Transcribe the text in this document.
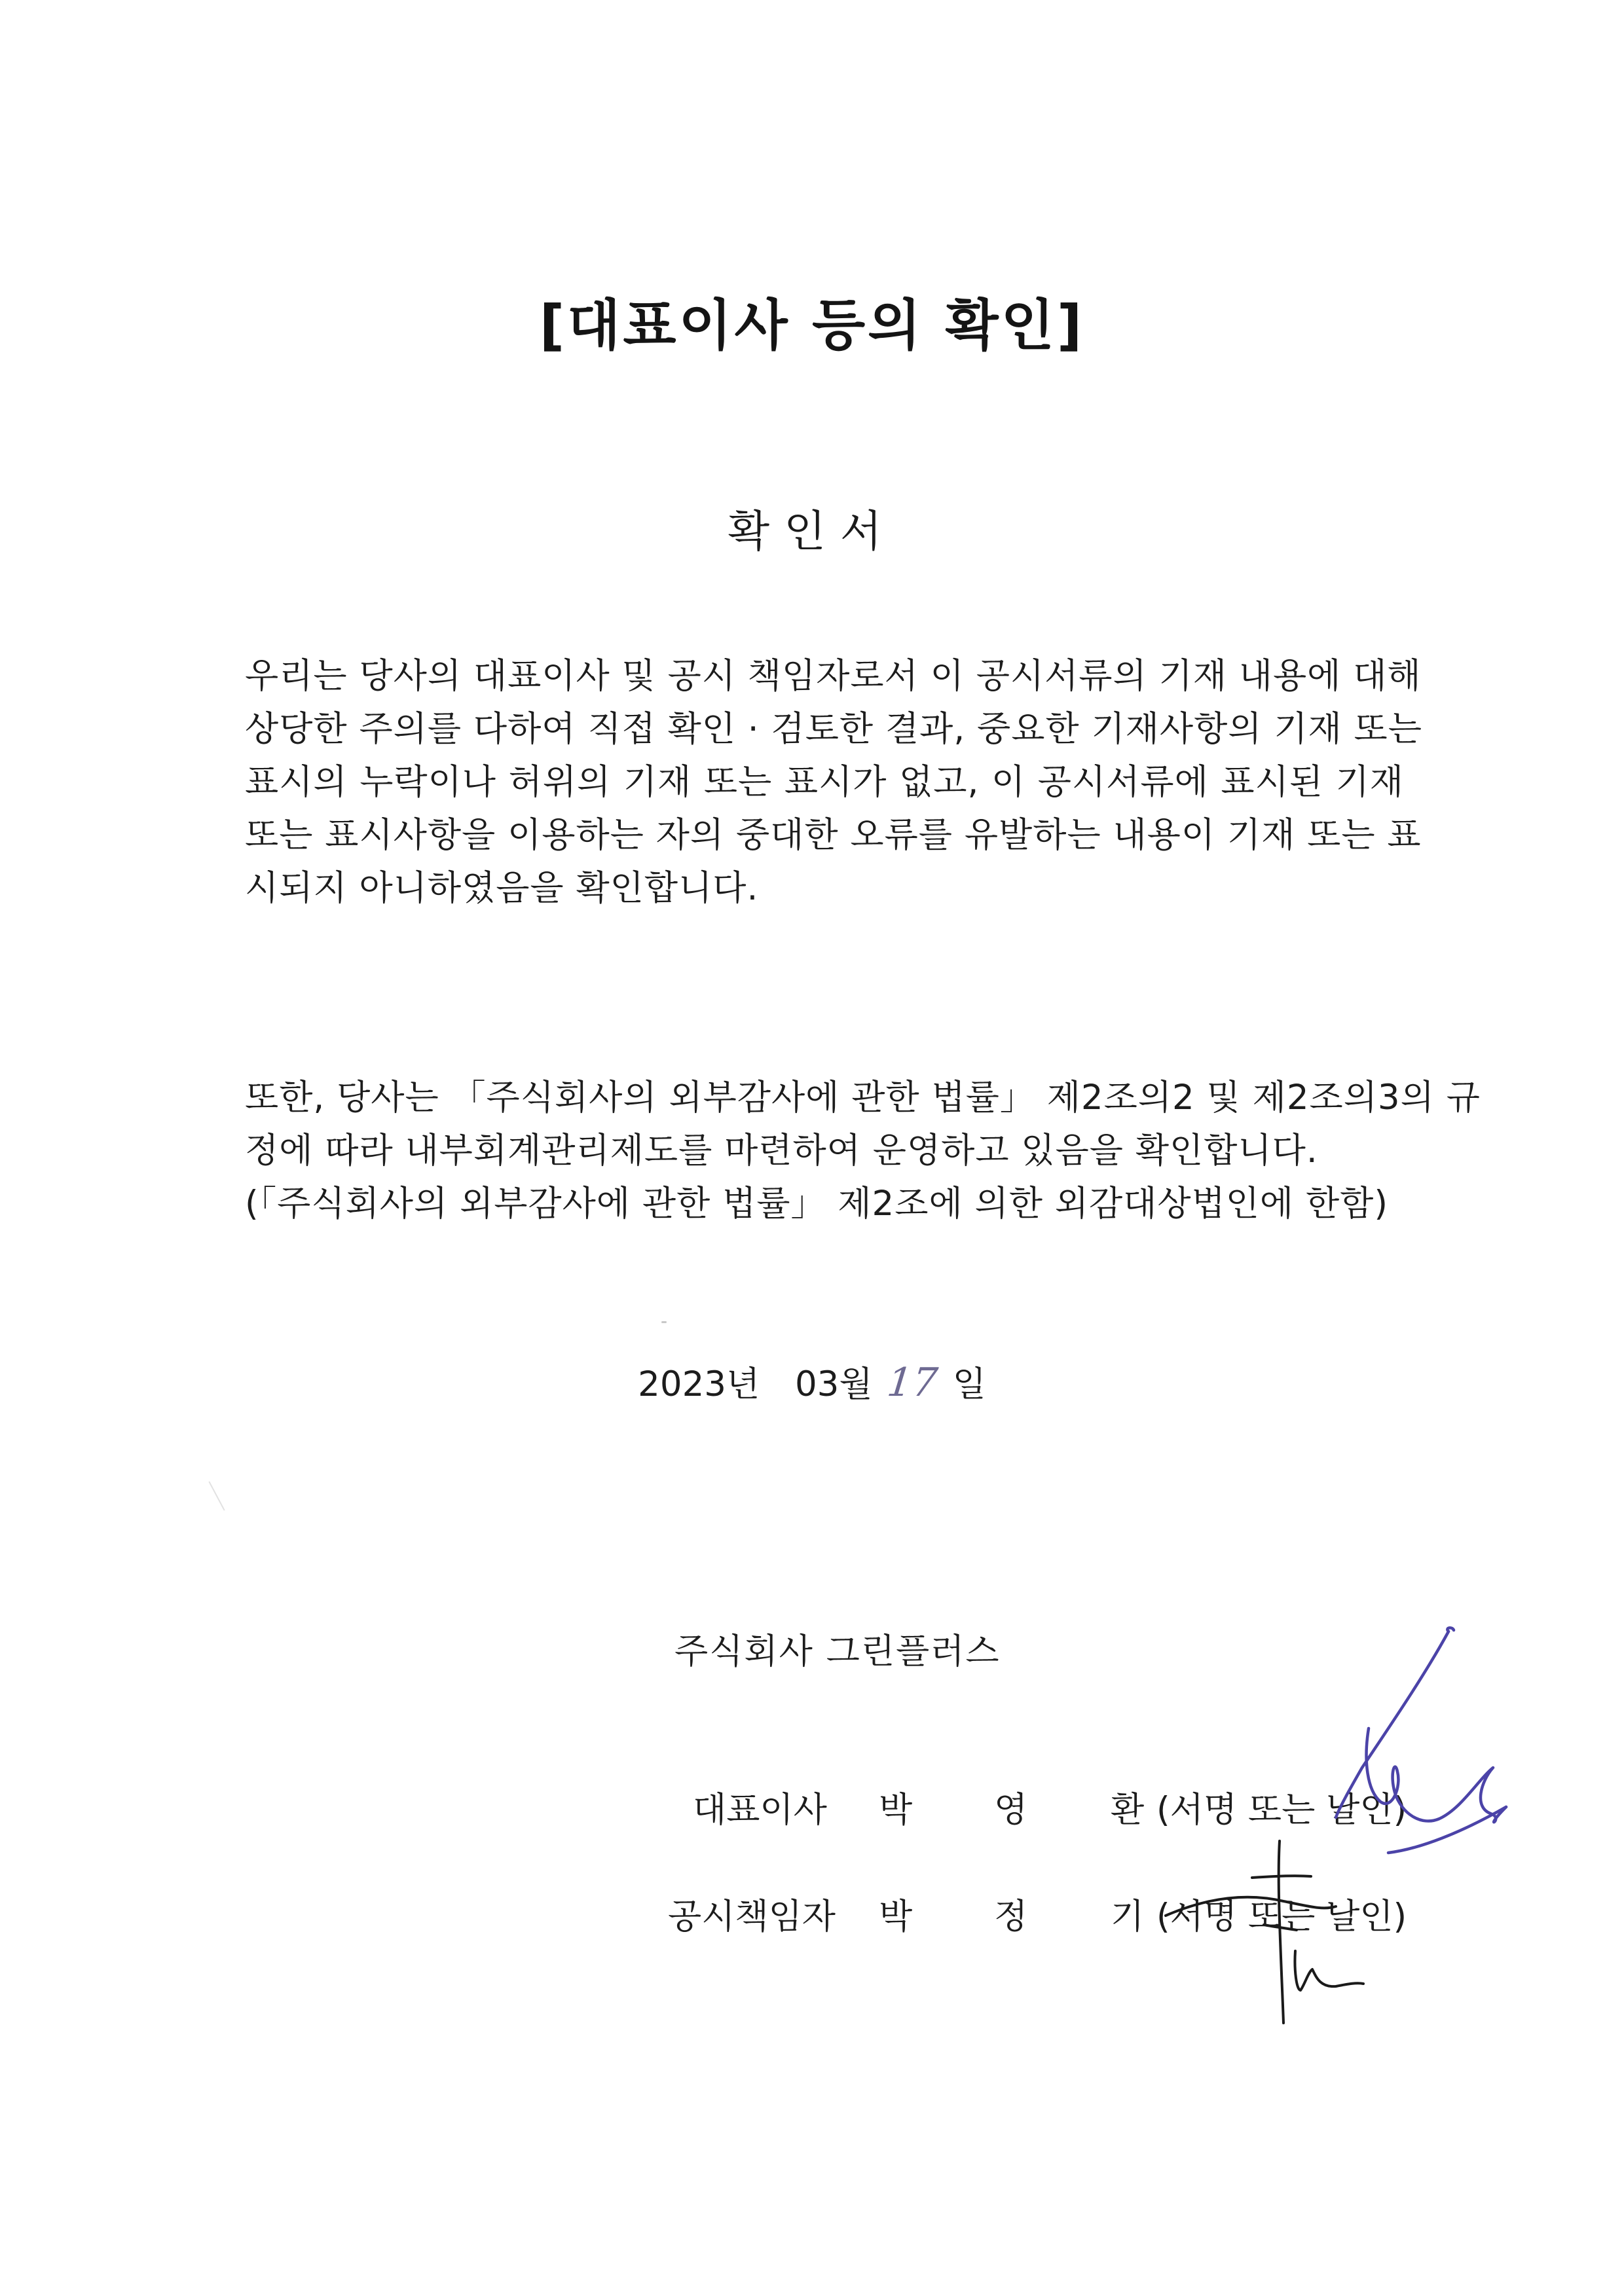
[대표이사 등의 확인]
확인서
우리는 당사의 대표이사 및 공시 책임자로서 이 공시서류의 기재 내용에 대해
상당한 주의를 다하여 직접 확인 · 검토한 결과, 중요한 기재사항의 기재 또는
표시의 누락이나 허위의 기재 또는 표시가 없고, 이 공시서류에 표시된 기재
또는 표시사항을 이용하는 자의 중대한 오류를 유발하는 내용이 기재 또는 표
시되지 아니하였음을 확인합니다.
또한, 당사는 「주식회사의 외부감사에 관한 법률」 제2조의2 및 제2조의3의 규
정에 따라 내부회계관리제도를 마련하여 운영하고 있음을 확인합니다.
(「주식회사의 외부감사에 관한 법률」 제2조에 의한 외감대상법인에 한함)
2023년 03월 17 일
주식회사 그린플러스
대표이사 박 영 환 (서명 또는 날인)
공시책임자 박 정 기 (서명 또는 날인)
